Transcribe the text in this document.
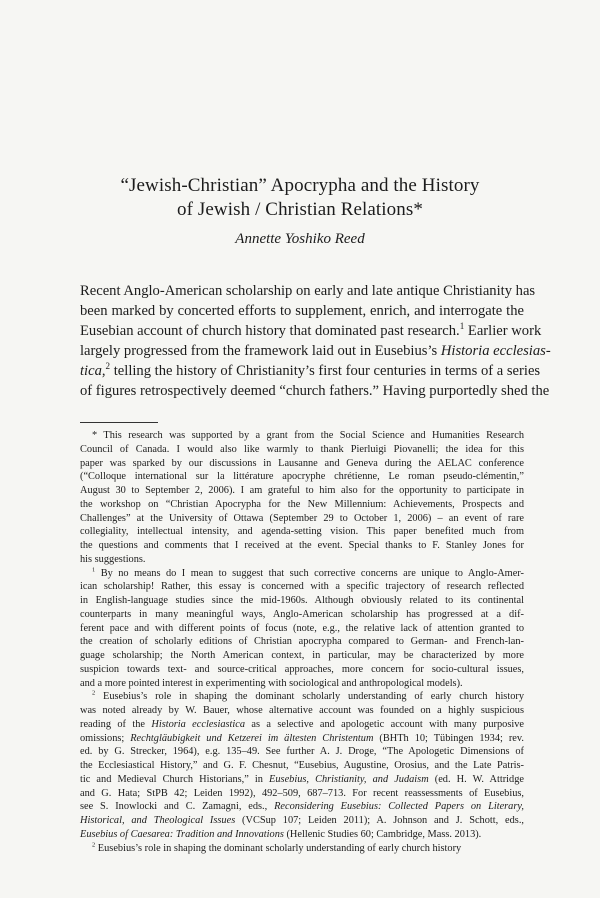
“Jewish-Christian” Apocrypha and the History
of Jewish / Christian Relations*
Annette Yoshiko Reed
Recent Anglo-American scholarship on early and late antique Christianity has
been marked by concerted efforts to supplement, enrich, and interrogate the
Eusebian account of church history that dominated past research.$^1$ Earlier work
largely progressed from the framework laid out in Eusebius’s Historia ecclesias-
tica,$^2$ telling the history of Christianity’s first four centuries in terms of a series
of figures retrospectively deemed “church fathers.” Having purportedly shed the
* This research was supported by a grant from the Social Science and Humanities Research
Council of Canada. I would also like warmly to thank Pierluigi Piovanelli; the idea for this
paper was sparked by our discussions in Lausanne and Geneva during the AELAC conference
(“Colloque international sur la littérature apocryphe chrétienne, Le roman pseudo-clémentin,”
August 30 to September 2, 2006). I am grateful to him also for the opportunity to participate in
the workshop on “Christian Apocrypha for the New Millennium: Achievements, Prospects and
Challenges” at the University of Ottawa (September 29 to October 1, 2006) – an event of rare
collegiality, intellectual intensity, and agenda-setting vision. This paper benefited much from
the questions and comments that I received at the event. Special thanks to F. Stanley Jones for
his suggestions.
$^1$ By no means do I mean to suggest that such corrective concerns are unique to Anglo-Amer-
ican scholarship! Rather, this essay is concerned with a specific trajectory of research reflected
in English-language studies since the mid-1960s. Although obviously related to its continental
counterparts in many meaningful ways, Anglo-American scholarship has progressed at a dif-
ferent pace and with different points of focus (note, e.g., the relative lack of attention granted to
the creation of scholarly editions of Christian apocrypha compared to German- and French-lan-
guage scholarship; the North American context, in particular, may be characterized by more
suspicion towards text- and source-critical approaches, more concern for socio-cultural issues,
and a more pointed interest in experimenting with sociological and anthropological models).
$^2$ Eusebius’s role in shaping the dominant scholarly understanding of early church history
was noted already by W. Bauer, whose alternative account was founded on a highly suspicious
reading of the Historia ecclesiastica as a selective and apologetic account with many purposive
omissions; Rechtgläubigkeit und Ketzerei im ältesten Christentum (BHTh 10; Tübingen 1934; rev.
ed. by G. Strecker, 1964), e.g. 135–49. See further A. J. Droge, “The Apologetic Dimensions of
the Ecclesiastical History,” and G. F. Chesnut, “Eusebius, Augustine, Orosius, and the Late Patris-
tic and Medieval Church Historians,” in Eusebius, Christianity, and Judaism (ed. H. W. Attridge
and G. Hata; StPB 42; Leiden 1992), 492–509, 687–713. For recent reassessments of Eusebius,
see S. Inowlocki and C. Zamagni, eds., Reconsidering Eusebius: Collected Papers on Literary,
Historical, and Theological Issues (VCSup 107; Leiden 2011); A. Johnson and J. Schott, eds.,
Eusebius of Caesarea: Tradition and Innovations (Hellenic Studies 60; Cambridge, Mass. 2013).
$^2$ Eusebius’s role in shaping the dominant scholarly understanding of early church history
